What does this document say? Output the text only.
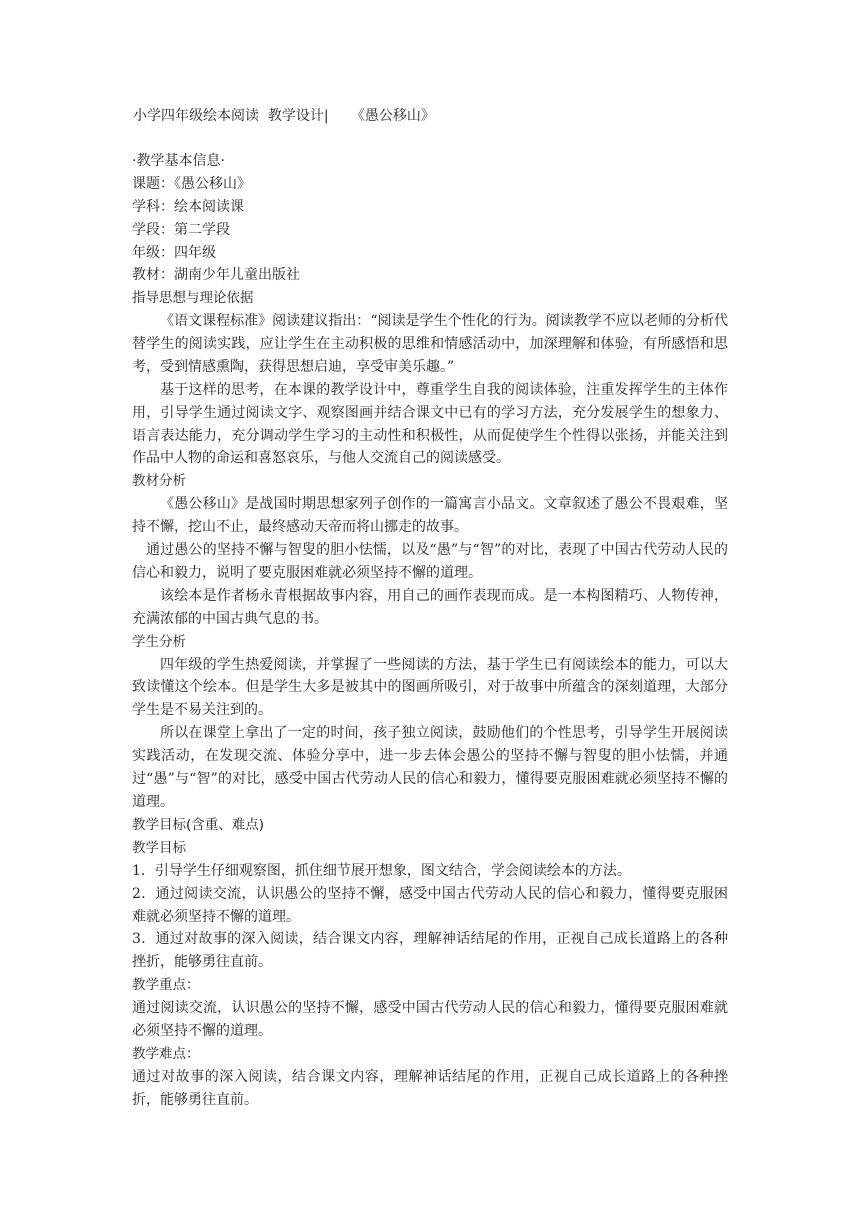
小学四年级绘本阅读  教学设计|     《愚公移山》
·教学基本信息·
课题：《愚公移山》
学科：绘本阅读课
学段：第二学段
年级：四年级
教材：湖南少年儿童出版社
指导思想与理论依据

《语文课程标准》阅读建议指出：“阅读是学生个性化的行为。阅读教学不应以老师的分析代替学生的阅读实践，应让学生在主动积极的思维和情感活动中，加深理解和体验，有所感悟和思考，受到情感熏陶，获得思想启迪，享受审美乐趣。”

基于这样的思考，在本课的教学设计中，尊重学生自我的阅读体验，注重发挥学生的主体作用，引导学生通过阅读文字、观察图画并结合课文中已有的学习方法，充分发展学生的想象力、语言表达能力，充分调动学生学习的主动性和积极性，从而促使学生个性得以张扬，并能关注到作品中人物的命运和喜怒哀乐，与他人交流自己的阅读感受。

教材分析

《愚公移山》是战国时期思想家列子创作的一篇寓言小品文。文章叙述了愚公不畏艰难，坚持不懈，挖山不止，最终感动天帝而将山挪走的故事。

通过愚公的坚持不懈与智叟的胆小怯懦，以及“愚”与“智”的对比，表现了中国古代劳动人民的信心和毅力，说明了要克服困难就必须坚持不懈的道理。

该绘本是作者杨永青根据故事内容，用自己的画作表现而成。是一本构图精巧、人物传神，充满浓郁的中国古典气息的书。

学生分析

四年级的学生热爱阅读，并掌握了一些阅读的方法，基于学生已有阅读绘本的能力，可以大致读懂这个绘本。但是学生大多是被其中的图画所吸引，对于故事中所蕴含的深刻道理，大部分学生是不易关注到的。

所以在课堂上拿出了一定的时间，孩子独立阅读，鼓励他们的个性思考，引导学生开展阅读实践活动，在发现交流、体验分享中，进一步去体会愚公的坚持不懈与智叟的胆小怯懦，并通过“愚”与“智”的对比，感受中国古代劳动人民的信心和毅力，懂得要克服困难就必须坚持不懈的道理。

教学目标(含重、难点)
教学目标

1．引导学生仔细观察图，抓住细节展开想象，图文结合，学会阅读绘本的方法。

2．通过阅读交流，认识愚公的坚持不懈，感受中国古代劳动人民的信心和毅力，懂得要克服困难就必须坚持不懈的道理。

3．通过对故事的深入阅读，结合课文内容，理解神话结尾的作用，正视自己成长道路上的各种挫折，能够勇往直前。

教学重点：

通过阅读交流，认识愚公的坚持不懈，感受中国古代劳动人民的信心和毅力，懂得要克服困难就必须坚持不懈的道理。

教学难点：

通过对故事的深入阅读，结合课文内容，理解神话结尾的作用，正视自己成长道路上的各种挫折，能够勇往直前。
